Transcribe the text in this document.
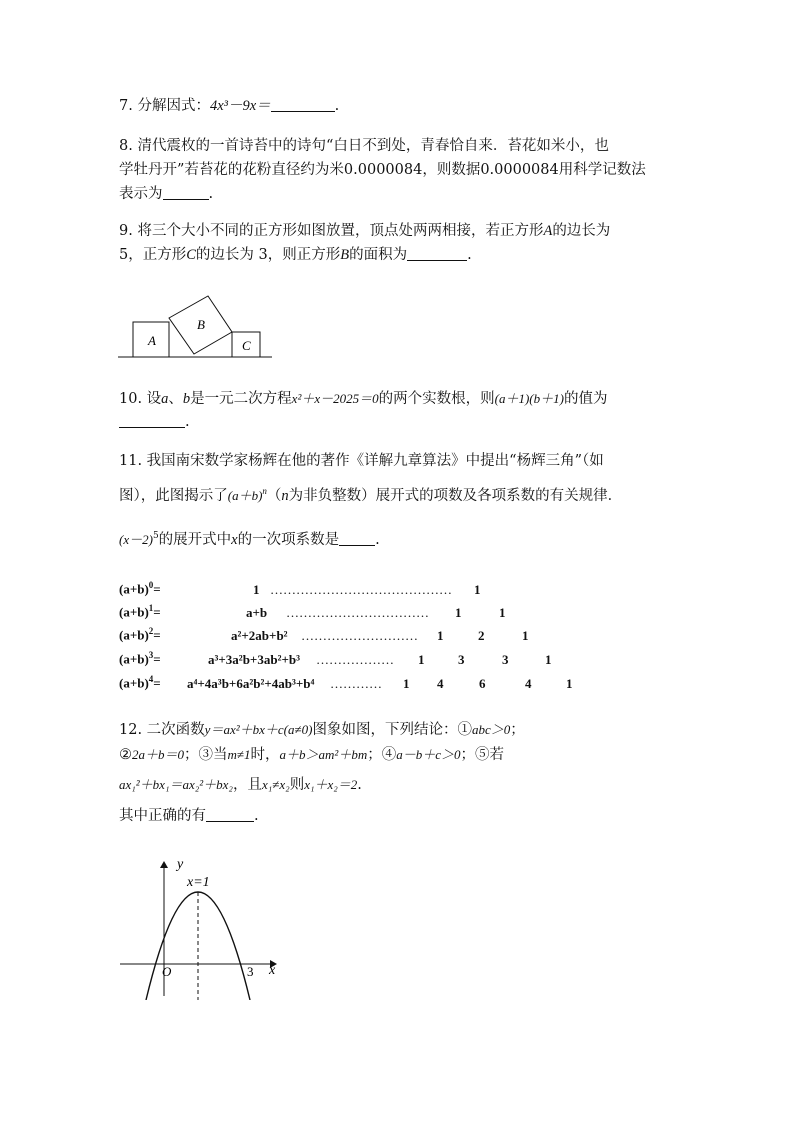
7. 分解因式：4x³－9x＝	.
8. 清代震枚的一首诗苔中的诗句“白日不到处，青春恰自来．苔花如米小，也
学牡丹开”若苔花的花粉直径约为米0.0000084，则数据0.0000084用科学记数法
表示为	.
9. 将三个大小不同的正方形如图放置，顶点处两两相接，若正方形A的边长为
5，正方形C的边长为 3，则正方形B的面积为	.
A
B
C
10. 设a、b是一元二次方程x²＋x－2025＝0的两个实数根，则(a＋1)(b＋1)的值为
.
11. 我国南宋数学家杨辉在他的著作《详解九章算法》中提出“杨辉三角”（如
图），此图揭示了$(a+b)^n(n$为非负整数）展开式的项数及各项系数的有关规律．
$(x-2)^5$的展开式中x的一次项系数是 .
$(a+b)^0=$	1 …………………………………… 1
$(a+b)^1=$	a+b …………………………… 1	1
$(a+b)^2=$	a²+2ab+b² ……………………… 1	2	1
$(a+b)^3=$	a³+3a²b+3ab²+b³ ……………… 1	3	3	1
$(a+b)^4= a^4+4a^3b+6a^2b^2+4ab^3+b^4$ ………… 1 4	6	4	1
12. 二次函数y＝ax²＋bx＋c(a≠0)图象如图，下列结论：①abc＞0；
②2a＋b＝0；③当m≠1时，a＋b＞am²＋bm；④a－b＋c＞0；⑤若
ax₁²＋bx₁＝ax₂²＋bx₂，且x₁≠x₂则x₁＋x₂＝2.
其中正确的有	.
y
x=1
O	3 x
